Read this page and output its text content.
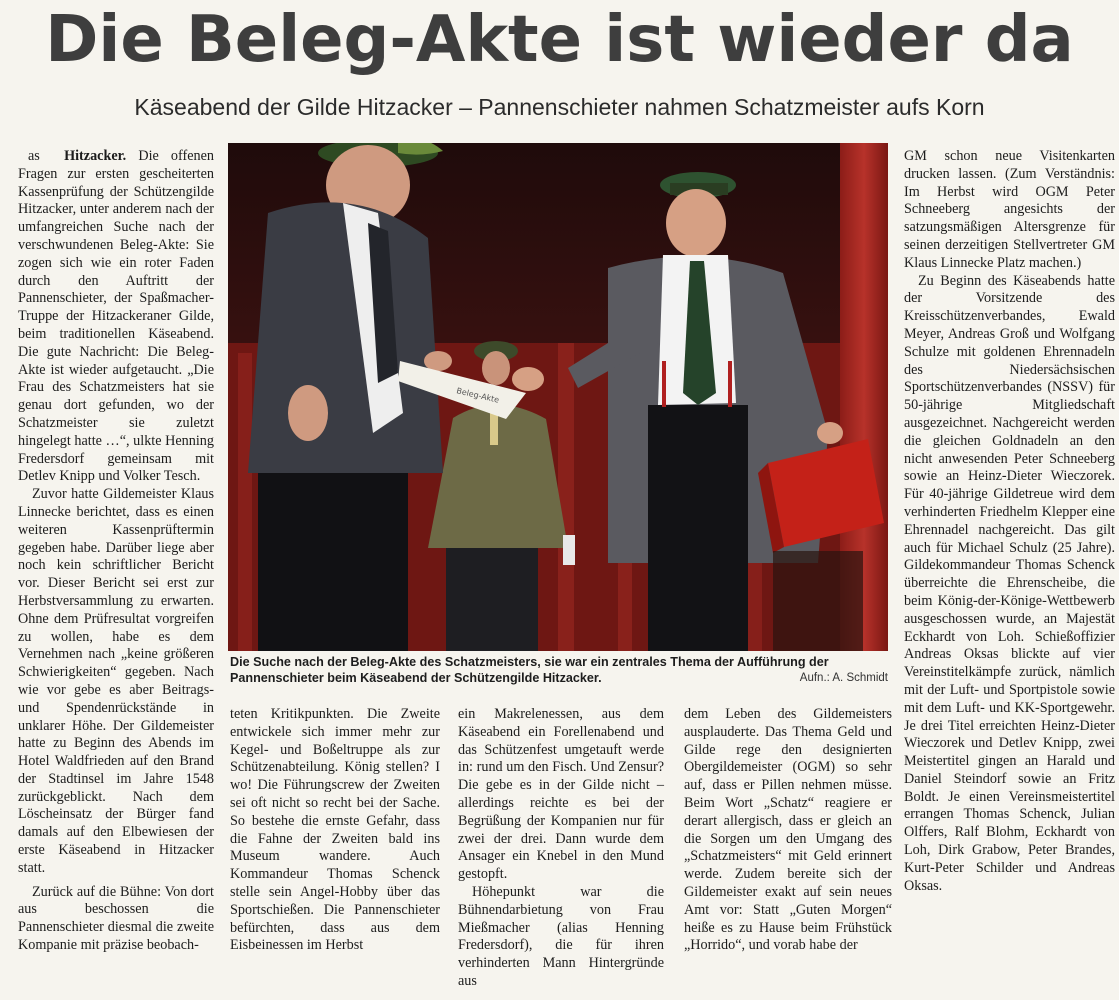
Die Beleg-Akte ist wieder da
Käseabend der Gilde Hitzacker – Pannenschieter nahmen Schatzmeister aufs Korn

as Hitzacker. Die offenen Fragen zur ersten gescheiterten Kassenprüfung der Schützengilde Hitzacker, unter anderem nach der umfangreichen Suche nach der verschwundenen Beleg-Akte: Sie zogen sich wie ein roter Faden durch den Auftritt der Pannenschieter, der Spaßmacher-Truppe der Hitzackeraner Gilde, beim traditionellen Käseabend. Die gute Nachricht: Die Beleg-Akte ist wieder aufgetaucht. „Die Frau des Schatzmeisters hat sie genau dort gefunden, wo der Schatzmeister sie zuletzt hingelegt hatte …“, ulkte Henning Fredersdorf gemeinsam mit Detlev Knipp und Volker Tesch.

Zuvor hatte Gildemeister Klaus Linnecke berichtet, dass es einen weiteren Kassenprüftermin gegeben habe. Darüber liege aber noch kein schriftlicher Bericht vor. Dieser Bericht sei erst zur Herbstversammlung zu erwarten. Ohne dem Prüfresultat vorgreifen zu wollen, habe es dem Vernehmen nach „keine größeren Schwierigkeiten“ gegeben. Nach wie vor gebe es aber Beitrags- und Spendenrückstände in unklarer Höhe. Der Gildemeister hatte zu Beginn des Abends im Hotel Waldfrieden auf den Brand der Stadtinsel im Jahre 1548 zurückgeblickt. Nach dem Löscheinsatz der Bürger fand damals auf den Elbewiesen der erste Käseabend in Hitzacker statt.

Zurück auf die Bühne: Von dort aus beschossen die Pannenschieter diesmal die zweite Kompanie mit präzise beobach-

Beleg-Akte
Die Suche nach der Beleg-Akte des Schatzmeisters, sie war ein zentrales Thema der Aufführung der Pannenschieter beim Käseabend der Schützengilde Hitzacker.	Aufn.: A. Schmidt

teten Kritikpunkten. Die Zweite entwickele sich immer mehr zur Kegel- und Boßeltruppe als zur Schützenabteilung. König stellen? I wo! Die Führungscrew der Zweiten sei oft nicht so recht bei der Sache. So bestehe die ernste Gefahr, dass die Fahne der Zweiten bald ins Museum wandere. Auch Kommandeur Thomas Schenck stelle sein Angel-Hobby über das Sportschießen. Die Pannenschieter befürchten, dass aus dem Eisbeinessen im Herbst

ein Makrelenessen, aus dem Käseabend ein Forellenabend und das Schützenfest umgetauft werde in: rund um den Fisch. Und Zensur? Die gebe es in der Gilde nicht – allerdings reichte es bei der Begrüßung der Kompanien nur für zwei der drei. Dann wurde dem Ansager ein Knebel in den Mund gestopft.

Höhepunkt war die Bühnendarbietung von Frau Mießmacher (alias Henning Fredersdorf), die für ihren verhinderten Mann Hintergründe aus

dem Leben des Gildemeisters ausplauderte. Das Thema Geld und Gilde rege den designierten Obergildemeister (OGM) so sehr auf, dass er Pillen nehmen müsse. Beim Wort „Schatz“ reagiere er derart allergisch, dass er gleich an die Sorgen um den Umgang des „Schatzmeisters“ mit Geld erinnert werde. Zudem bereite sich der Gildemeister exakt auf sein neues Amt vor: Statt „Guten Morgen“ heiße es zu Hause beim Frühstück „Horrido“, und vorab habe der

GM schon neue Visitenkarten drucken lassen. (Zum Verständnis: Im Herbst wird OGM Peter Schneeberg angesichts der satzungsmäßigen Altersgrenze für seinen derzeitigen Stellvertreter GM Klaus Linnecke Platz machen.)

Zu Beginn des Käseabends hatte der Vorsitzende des Kreisschützenverbandes, Ewald Meyer, Andreas Groß und Wolfgang Schulze mit goldenen Ehrennadeln des Niedersächsischen Sportschützenverbandes (NSSV) für 50-jährige Mitgliedschaft ausgezeichnet. Nachgereicht werden die gleichen Goldnadeln an den nicht anwesenden Peter Schneeberg sowie an Heinz-Dieter Wieczorek. Für 40-jährige Gildetreue wird dem verhinderten Friedhelm Klepper eine Ehrennadel nachgereicht. Das gilt auch für Michael Schulz (25 Jahre). Gildekommandeur Thomas Schenck überreichte die Ehrenscheibe, die beim König-der-Könige-Wettbewerb ausgeschossen wurde, an Majestät Eckhardt von Loh. Schießoffizier Andreas Oksas blickte auf vier Vereinstitelkämpfe zurück, nämlich mit der Luft- und Sportpistole sowie mit dem Luft- und KK-Sportgewehr. Je drei Titel erreichten Heinz-Dieter Wieczorek und Detlev Knipp, zwei Meistertitel gingen an Harald und Daniel Steindorf sowie an Fritz Boldt. Je einen Vereinsmeistertitel errangen Thomas Schenck, Julian Olffers, Ralf Blohm, Eckhardt von Loh, Dirk Grabow, Peter Brandes, Kurt-Peter Schilder und Andreas Oksas.
